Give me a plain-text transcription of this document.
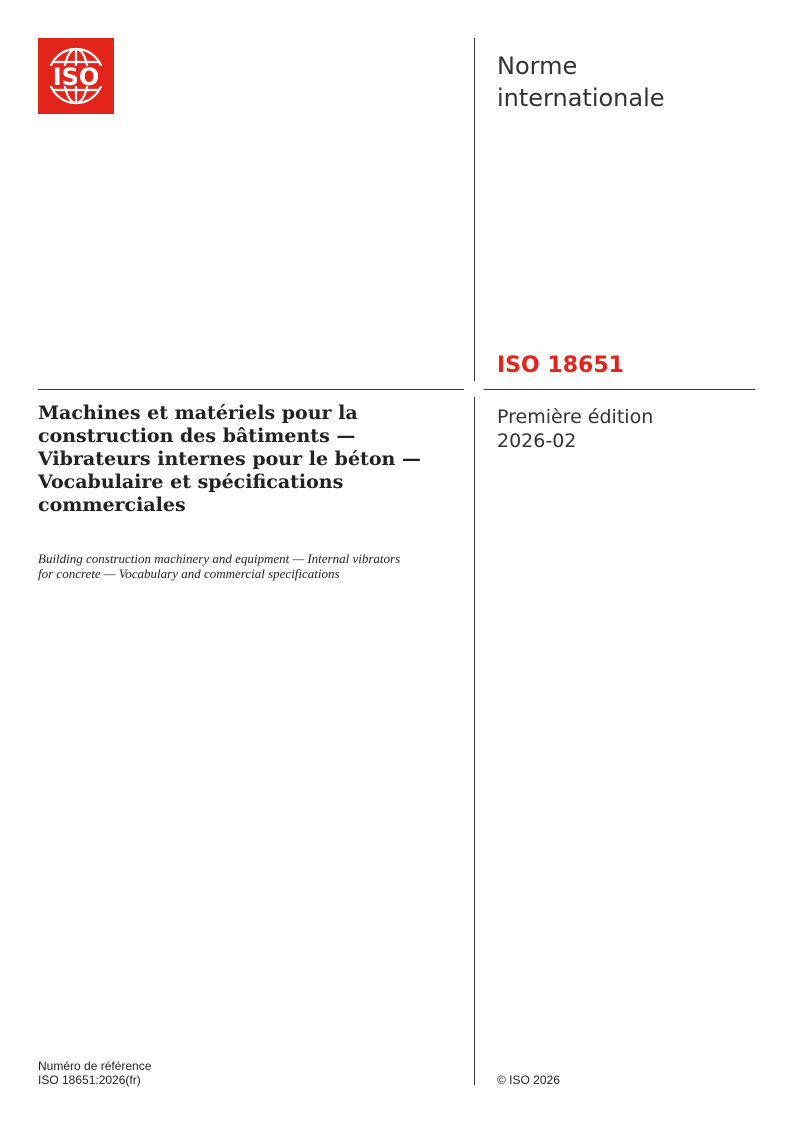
ISO	Norme
internationale
ISO 18651
Première édition
2026-02
Machines et matériels pour la construction des bâtiments — Vibrateurs internes pour le béton — Vocabulaire et spécifications commerciales

Building construction machinery and equipment — Internal vibrators for concrete — Vocabulary and commercial specifications

Numéro de référence
ISO 18651:2026(fr)	© ISO 2026
